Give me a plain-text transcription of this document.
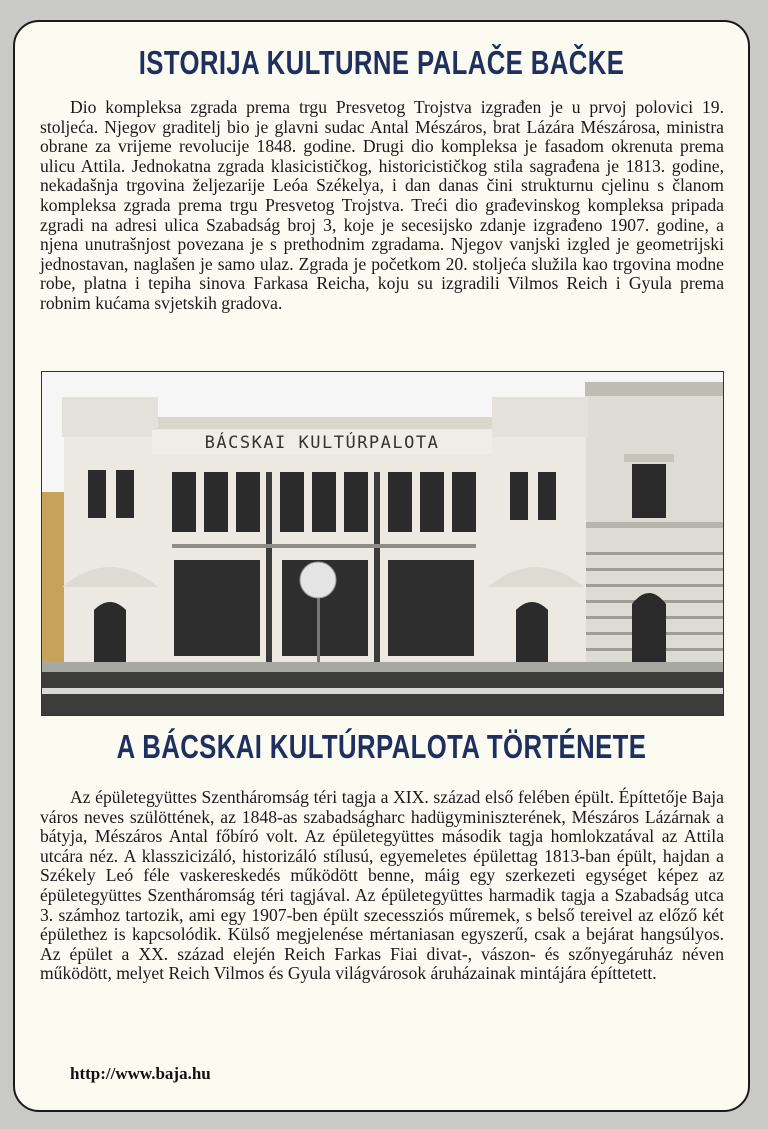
ISTORIJA KULTURNE PALAČE BAČKE

Dio kompleksa zgrada prema trgu Presvetog Trojstva izgrađen je u prvoj polovici 19. stoljeća. Njegov graditelj bio je glavni sudac Antal Mészáros, brat Lázára Mészárosa, ministra obrane za vrijeme revolucije 1848. godine. Drugi dio kompleksa je fasadom okrenuta prema ulicu Attila. Jednokatna zgrada klasicističkog, historicističkog stila sagrađena je 1813. godine, nekadašnja trgovina željezarije Leóa Székelya, i dan danas čini strukturnu cjelinu s članom kompleksa zgrada prema trgu Presvetog Trojstva. Treći dio građevinskog kompleksa pripada zgradi na adresi ulica Szabadság broj 3, koje je secesijsko zdanje izgrađeno 1907. godine, a njena unutrašnjost povezana je s prethodnim zgradama. Njegov vanjski izgled je geometrijski jednostavan, naglašen je samo ulaz. Zgrada je početkom 20. stoljeća služila kao trgovina modne robe, platna i tepiha sinova Farkasa Reicha, koju su izgradili Vilmos Reich i Gyula prema robnim kućama svjetskih gradova.

BÁCSKAI KULTÚRPALOTA
A BÁCSKAI KULTÚRPALOTA TÖRTÉNETE

Az épületegyüttes Szentháromság téri tagja a XIX. század első felében épült. Építtetője Baja város neves szülöttének, az 1848-as szabadságharc hadügyminiszterének, Mészáros Lázárnak a bátyja, Mészáros Antal főbíró volt. Az épületegyüttes második tagja homlokzatával az Attila utcára néz. A klasszicizáló, historizáló stílusú, egyemeletes épülettag 1813-ban épült, hajdan a Székely Leó féle vaskereskedés működött benne, máig egy szerkezeti egységet képez az épületegyüttes Szentháromság téri tagjával. Az épületegyüttes harmadik tagja a Szabadság utca 3. számhoz tartozik, ami egy 1907-ben épült szecessziós műremek, s belső tereivel az előző két épülethez is kapcsolódik. Külső megjelenése mértaniasan egyszerű, csak a bejárat hangsúlyos. Az épület a XX. század elején Reich Farkas Fiai divat-, vászon- és szőnyegáruház néven működött, melyet Reich Vilmos és Gyula világvárosok áruházainak mintájára építtetett.

http://www.baja.hu
